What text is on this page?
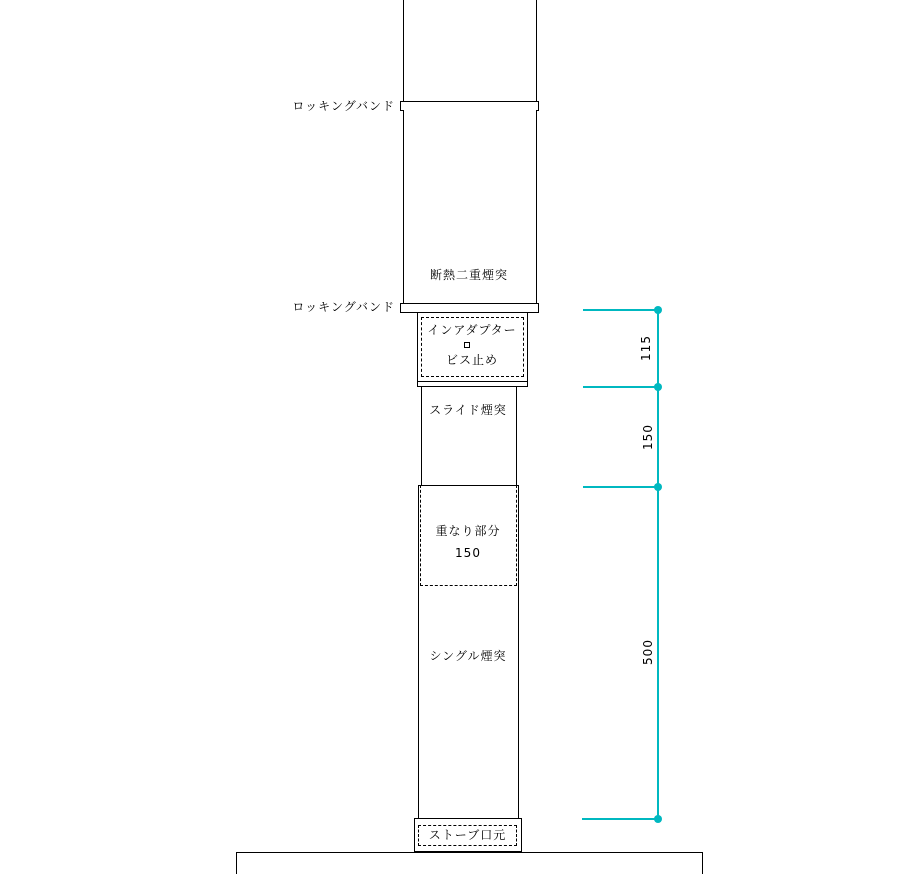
ロッキングバンド
断熱二重煙突
ロッキングバンド
インアダプター
ビス止め
スライド煙突
重なり部分
150
シングル煙突
ストーブ口元
115
150
500
